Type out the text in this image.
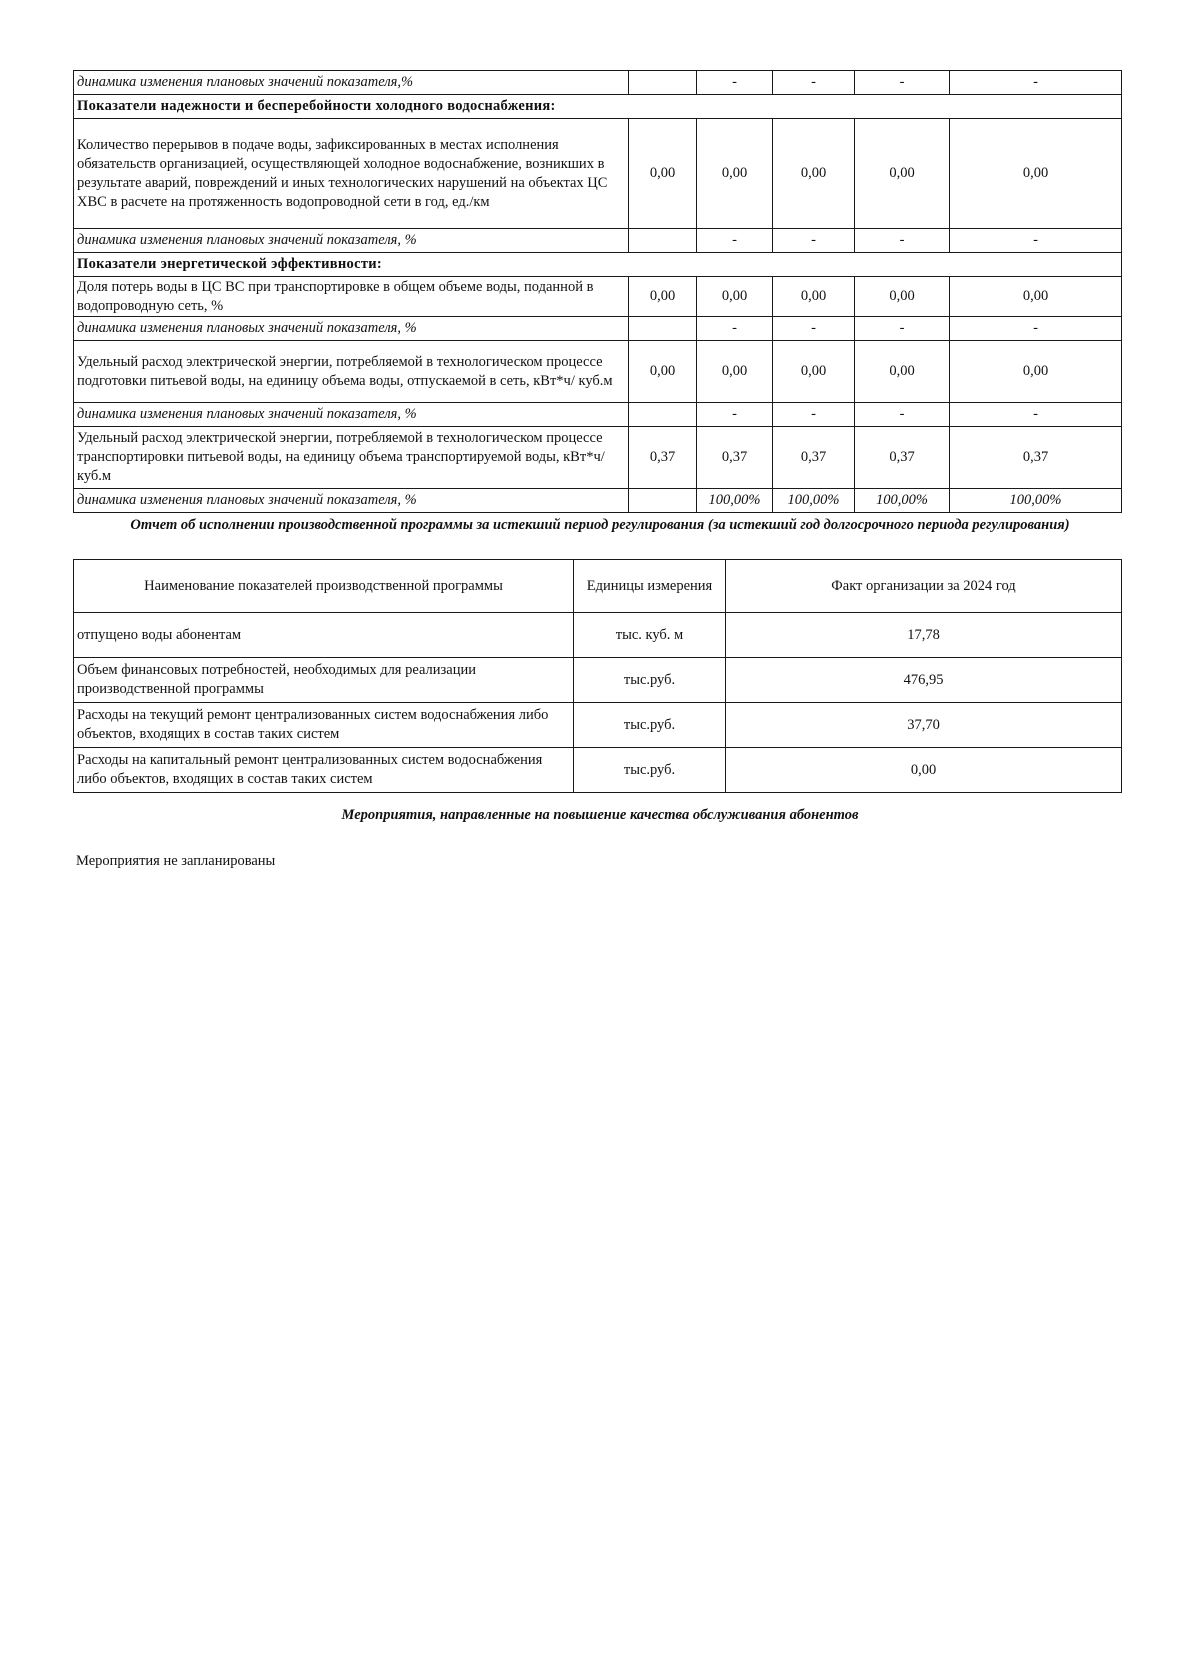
динамика изменения плановых значений показателя,%		-	-	-	-
Показатели надежности и бесперебойности холодного водоснабжения:					
Количество перерывов в подаче воды, зафиксированных в местах исполнения обязательств организацией, осуществляющей холодное водоснабжение, возникших в результате аварий, повреждений и иных технологических нарушений на объектах ЦС ХВС в расчете на протяженность водопроводной сети в год, ед./км	0,00	0,00	0,00	0,00	0,00
динамика изменения плановых значений показателя, %		-	-	-	-
Показатели энергетической эффективности:					
Доля потерь воды в ЦС ВС при транспортировке в общем объеме воды, поданной в водопроводную сеть, %	0,00	0,00	0,00	0,00	0,00
динамика изменения плановых значений показателя, %		-	-	-	-
Удельный расход электрической энергии, потребляемой в технологическом процессе подготовки питьевой воды, на единицу объема воды, отпускаемой в сеть, кВт*ч/ куб.м	0,00	0,00	0,00	0,00	0,00
динамика изменения плановых значений показателя, %		-	-	-	-
Удельный расход электрической энергии, потребляемой в технологическом процессе транспортировки питьевой воды, на единицу объема транспортируемой воды, кВт*ч/ куб.м	0,37	0,37	0,37	0,37	0,37
динамика изменения плановых значений показателя, %		100,00%	100,00%	100,00%	100,00%
Отчет об исполнении производственной программы за истекший период регулирования (за истекший год долгосрочного периода регулирования)
Наименование показателей производственной программы	Единицы измерения	Факт организации за 2024 год
отпущено воды абонентам	тыс. куб. м	17,78
Объем финансовых потребностей, необходимых для реализации производственной программы	тыс.руб.	476,95
Расходы на текущий ремонт централизованных систем водоснабжения либо объектов, входящих в состав таких систем	тыс.руб.	37,70
Расходы на капитальный ремонт централизованных систем водоснабжения либо объектов, входящих в состав таких систем	тыс.руб.	0,00
Мероприятия, направленные на повышение качества обслуживания абонентов
Мероприятия не запланированы
